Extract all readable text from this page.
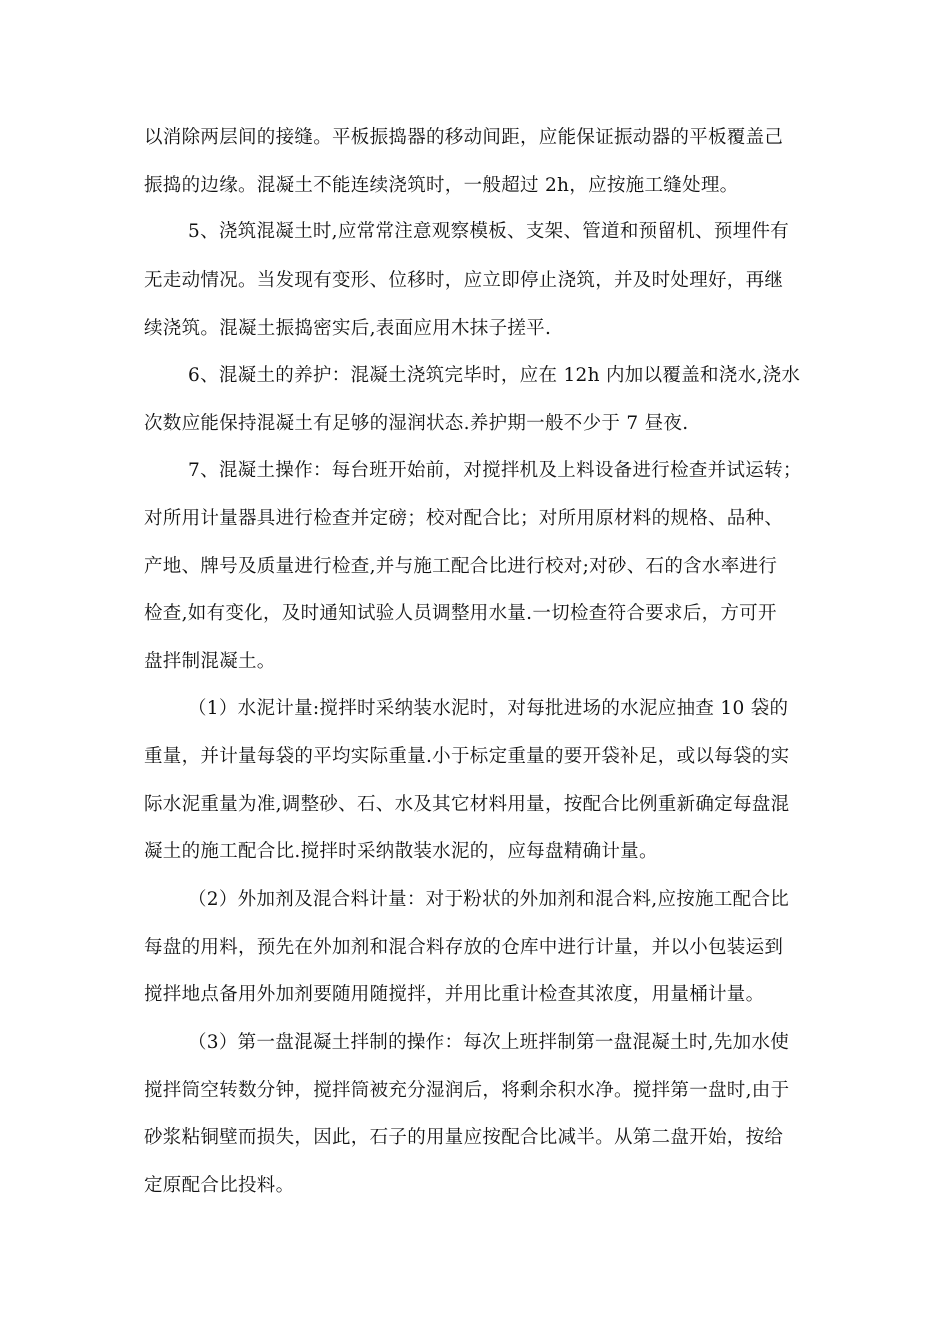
以消除两层间的接缝。平板振捣器的移动间距，应能保证振动器的平板覆盖己
振捣的边缘。混凝土不能连续浇筑时，一般超过 2h，应按施工缝处理。
5、浇筑混凝土时,应常常注意观察模板、支架、管道和预留机、预埋件有
无走动情况。当发现有变形、位移时，应立即停止浇筑，并及时处理好，再继
续浇筑。混凝土振捣密实后,表面应用木抹子搓平.
6、混凝土的养护：混凝土浇筑完毕时，应在 12h 内加以覆盖和浇水,浇水
次数应能保持混凝土有足够的湿润状态.养护期一般不少于 7 昼夜.
7、混凝土操作：每台班开始前，对搅拌机及上料设备进行检查并试运转；
对所用计量器具进行检查并定磅；校对配合比；对所用原材料的规格、品种、
产地、牌号及质量进行检查,并与施工配合比进行校对;对砂、石的含水率进行
检查,如有变化，及时通知试验人员调整用水量.一切检查符合要求后，方可开
盘拌制混凝土。
（1）水泥计量:搅拌时采纳装水泥时，对每批进场的水泥应抽查 10 袋的
重量，并计量每袋的平均实际重量.小于标定重量的要开袋补足，或以每袋的实
际水泥重量为准,调整砂、石、水及其它材料用量，按配合比例重新确定每盘混
凝土的施工配合比.搅拌时采纳散装水泥的，应每盘精确计量。
（2）外加剂及混合料计量：对于粉状的外加剂和混合料,应按施工配合比
每盘的用料，预先在外加剂和混合料存放的仓库中进行计量，并以小包装运到
搅拌地点备用外加剂要随用随搅拌，并用比重计检查其浓度，用量桶计量。
（3）第一盘混凝土拌制的操作：每次上班拌制第一盘混凝土时,先加水使
搅拌筒空转数分钟，搅拌筒被充分湿润后，将剩余积水净。搅拌第一盘时,由于
砂浆粘铜壁而损失，因此，石子的用量应按配合比减半。从第二盘开始，按给
定原配合比投料。
